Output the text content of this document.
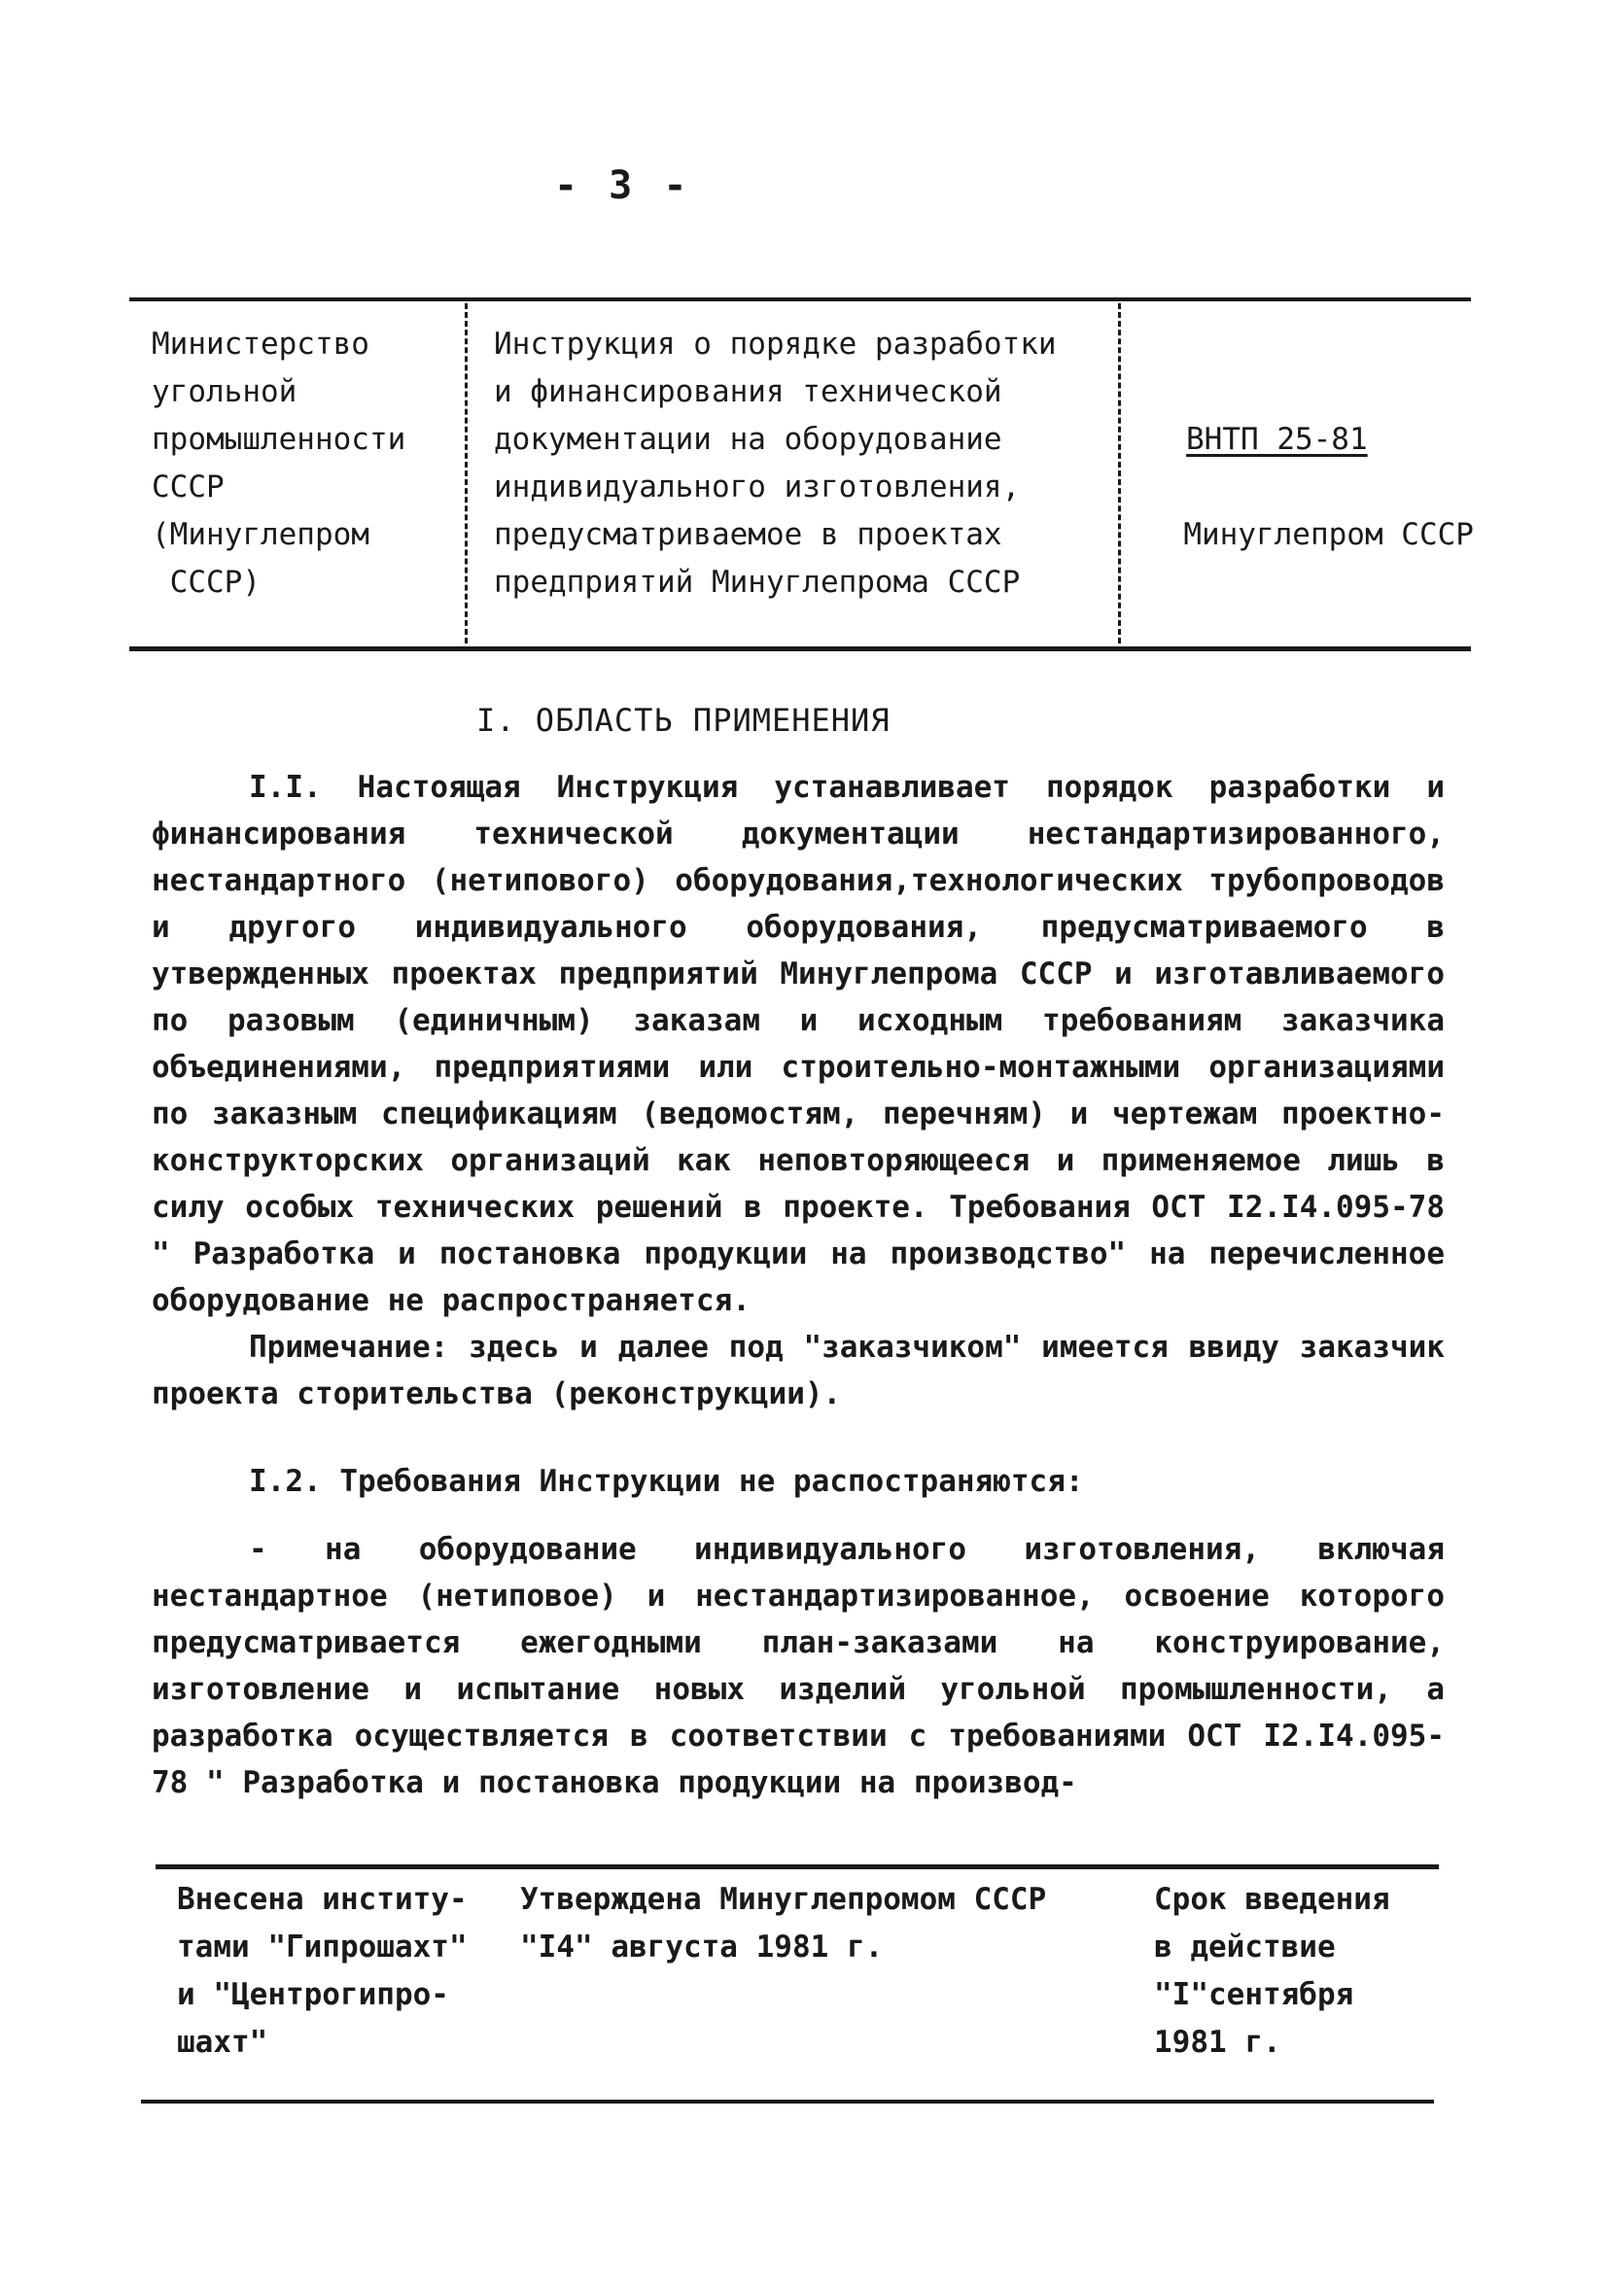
- 3 -
Министерство
угольной
промышленности
СССР
(Минуглепром
СССР)
Инструкция о порядке разработки
и финансирования технической
документации на оборудование
индивидуального изготовления,
предусматриваемое в проектах
предприятий Минуглепрома СССР

ВНТП 25-81

Минуглепром СССР

I. ОБЛАСТЬ ПРИМЕНЕНИЯ
I.I. Настоящая Инструкция устанавливает порядок разработки и финансирования технической документации нестандартизированного, нестандартного (нетипового) оборудования,технологических трубопроводов и другого индивидуального оборудования, предусматриваемого в утвержденных проектах предприятий Минуглепрома СССР и изготавливаемого по разовым (единичным) заказам и исходным требованиям заказчика объединениями, предприятиями или строительно-монтажными организациями по заказным спецификациям (ведомостям, перечням) и чертежам проектно-конструкторских организаций как неповторяющееся и применяемое лишь в силу особых технических решений в проекте. Требования ОСТ I2.I4.095-78 " Разработка и постановка продукции на производство" на перечисленное оборудование не распространяется.
Примечание: здесь и далее под "заказчиком" имеется ввиду заказчик проекта сторительства (реконструкции).
I.2. Требования Инструкции не распостраняются:
- на оборудование индивидуального изготовления, включая нестандартное (нетиповое) и нестандартизированное, освоение которого предусматривается ежегодными план-заказами на конструирование, изготовление и испытание новых изделий угольной промышленности, а разработка осуществляется в соответствии с требованиями ОСТ I2.I4.095-78 " Разработка и постановка продукции на производ-
Внесена институ-
тами "Гипрошахт"
и "Центрогипро-
шахт"
Утверждена Минуглепромом СССР
"I4" августа 1981 г.
Срок введения
в действие
"I"сентября
1981 г.
